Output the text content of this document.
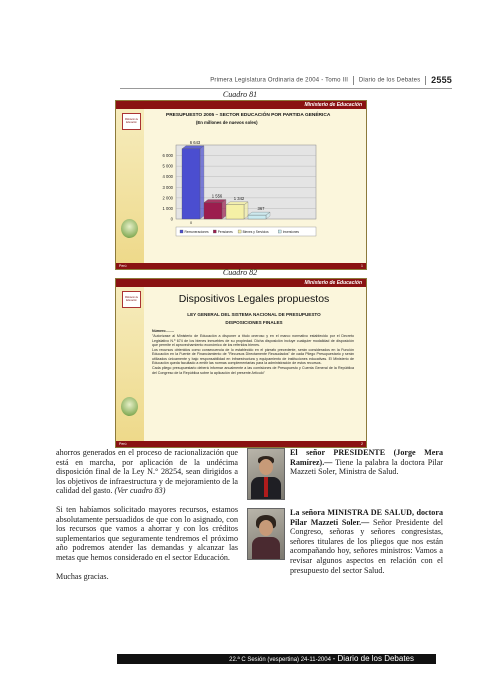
Primera Legislatura Ordinaria de 2004 - Tomo III Diario de los Debates 2555
Cuadro 81
Ministerio de Educación
Ministerio de Educación
PRESUPUESTO 2005 – SECTOR EDUCACIÓN POR PARTIDA GENÉRICA
(En millones de nuevos soles)
0
1 000
2 000
3 000
4 000
5 000
6 000
6 643
1 556	1 342
367
0
Remuneraciones	Pensiones	Bienes y Servicios	Inversiones
Perú	1
Cuadro 82
Ministerio de Educación
Ministerio de Educación	Dispositivos Legales propuestos
LEY GENERAL DEL SISTEMA NACIONAL DE PRESUPUESTO
DISPOSICIONES FINALES

Número.......-

"Autorízase al Ministerio de Educación a disponer a título oneroso y en el marco normativo establecido por el Decreto Legislativo N.º 674 de los bienes inmuebles de su propiedad. Dicha disposición incluye cualquier modalidad de disposición que permite el aprovechamiento económico de los referidos bienes.

Los recursos obtenidos como consecuencia de lo establecido en el párrafo precedente, serán considerados en la Función Educación en la Fuente de Financiamiento de "Recursos Directamente Recaudados" de cada Pliego Presupuestario y serán utilizados únicamente y bajo responsabilidad en infraestructura y equipamiento de instituciones educativas. El Ministerio de Educación queda facultado a emitir las normas complementarias para la administración de estos recursos.

Cada pliego presupuestario deberá informar anualmente a las comisiones de Presupuesto y Cuenta General de la República del Congreso de la República sobre la aplicación del presente Artículo"

Perú	2

ahorros generados en el proceso de racionalización que está en marcha, por aplicación de la undécima disposición final de la Ley N.° 28254, sean dirigidos a los objetivos de infraestructura y de mejoramiento de la calidad del gasto. (Ver cuadro 83)

Si ten habíamos solicitado mayores recursos, estamos absolutamente persuadidos de que con lo asignado, con los recursos que vamos a ahorrar y con los créditos suplementarios que seguramente tendremos el próximo año podremos atender las demandas y alcanzar las metas que hemos considerado en el sector Educación.

Muchas gracias.

El señor PRESIDENTE (Jorge Mera Ramírez).— Tiene la palabra la doctora Pilar Mazzeti Soler, Ministra de Salud.
La señora MINISTRA DE SALUD, doctora Pilar Mazzeti Soler.— Señor Presidente del Congreso, señoras y señores congresistas, señores titulares de los pliegos que nos están acompañando hoy, señores ministros: Vamos a revisar algunos aspectos en relación con el presupuesto del sector Salud.
22.ª C Sesión (vespertina) 24-11-2004 - Diario de los Debates
